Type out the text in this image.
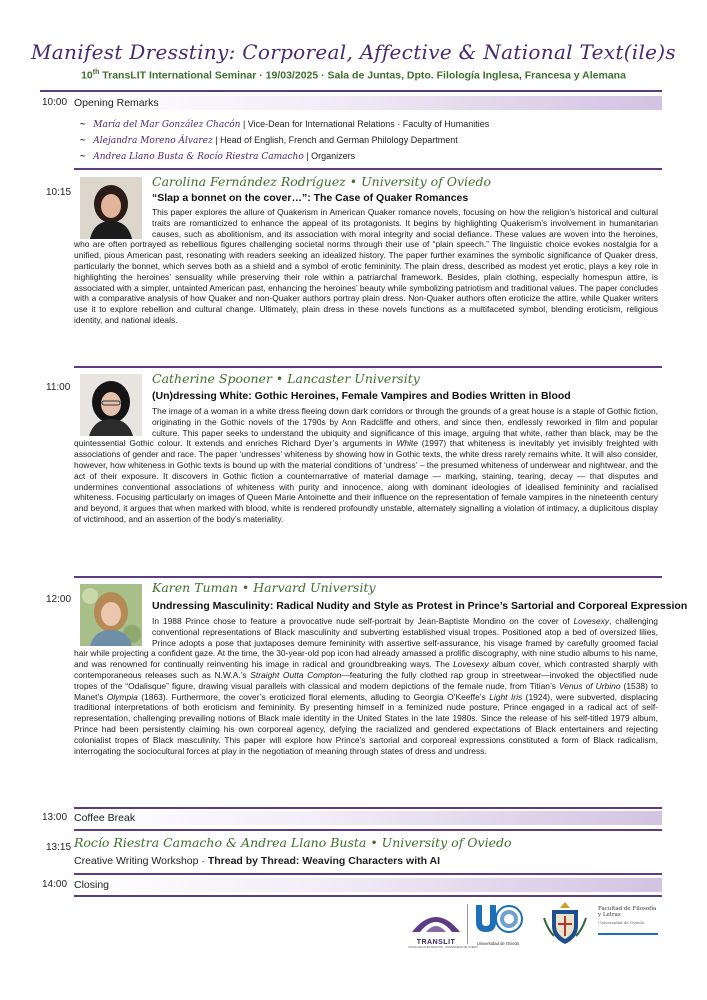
Manifest Dresstiny: Corporeal, Affective & National Text(ile)s
10th TransLIT International Seminar · 19/03/2025 · Sala de Juntas, Dpto. Filología Inglesa, Francesa y Alemana
10:00 Opening Remarks
~ María del Mar González Chacón | Vice-Dean for International Relations · Faculty of Humanities
~ Alejandra Moreno Álvarez | Head of English, French and German Philology Department
~ Andrea Llano Busta & Rocío Riestra Camacho | Organizers
10:15
Carolina Fernández Rodríguez • University of Oviedo
“Slap a bonnet on the cover…”: The Case of Quaker Romances
This paper explores the allure of Quakerism in American Quaker romance novels, focusing on how the religion’s historical and cultural traits are romanticized to enhance the appeal of its protagonists. It begins by highlighting Quakerism’s involvement in humanitarian causes, such as abolitionism, and its association with moral integrity and social defiance. These values are woven into the heroines, who are often portrayed as rebellious figures challenging societal norms through their use of “plain speech.” The linguistic choice evokes nostalgia for a unified, pious American past, resonating with readers seeking an idealized history. The paper further examines the symbolic significance of Quaker dress, particularly the bonnet, which serves both as a shield and a symbol of erotic femininity. The plain dress, described as modest yet erotic, plays a key role in highlighting the heroines’ sensuality while preserving their role within a patriarchal framework. Besides, plain clothing, especially homespun attire, is associated with a simpler, untainted American past, enhancing the heroines’ beauty while symbolizing patriotism and traditional values. The paper concludes with a comparative analysis of how Quaker and non-Quaker authors portray plain dress. Non-Quaker authors often eroticize the attire, while Quaker writers use it to explore rebellion and cultural change. Ultimately, plain dress in these novels functions as a multifaceted symbol, blending eroticism, religious identity, and national ideals.
11:00
Catherine Spooner • Lancaster University
(Un)dressing White: Gothic Heroines, Female Vampires and Bodies Written in Blood
The image of a woman in a white dress fleeing down dark corridors or through the grounds of a great house is a staple of Gothic fiction, originating in the Gothic novels of the 1790s by Ann Radcliffe and others, and since then, endlessly reworked in film and popular culture. This paper seeks to understand the ubiquity and significance of this image, arguing that white, rather than black, may be the quintessential Gothic colour. It extends and enriches Richard Dyer’s arguments in White (1997) that whiteness is inevitably yet invisibly freighted with associations of gender and race. The paper ‘undresses’ whiteness by showing how in Gothic texts, the white dress rarely remains white. It will also consider, however, how whiteness in Gothic texts is bound up with the material conditions of ‘undress’ – the presumed whiteness of underwear and nightwear, and the act of their exposure. It discovers in Gothic fiction a counternarrative of material damage — marking, staining, tearing, decay — that disputes and undermines conventional associations of whiteness with purity and innocence, along with dominant ideologies of idealised femininity and racialised whiteness. Focusing particularly on images of Queen Marie Antoinette and their influence on the representation of female vampires in the nineteenth century and beyond, it argues that when marked with blood, white is rendered profoundly unstable, alternately signalling a violation of intimacy, a duplicitous display of victimhood, and an assertion of the body’s materiality.
12:00
Karen Tuman • Harvard University
Undressing Masculinity: Radical Nudity and Style as Protest in Prince’s Sartorial and Corporeal Expression
In 1988 Prince chose to feature a provocative nude self-portrait by Jean-Baptiste Mondino on the cover of Lovesexy, challenging conventional representations of Black masculinity and subverting established visual tropes. Positioned atop a bed of oversized lilies, Prince adopts a pose that juxtaposes demure femininity with assertive self-assurance, his visage framed by carefully groomed facial hair while projecting a confident gaze. At the time, the 30-year-old pop icon had already amassed a prolific discography, with nine studio albums to his name, and was renowned for continually reinventing his image in radical and groundbreaking ways. The Lovesexy album cover, which contrasted sharply with contemporaneous releases such as N.W.A.’s Straight Outta Compton—featuring the fully clothed rap group in streetwear—invoked the objectified nude tropes of the “Odalisque” figure, drawing visual parallels with classical and modern depictions of the female nude, from Titian’s Venus of Urbino (1538) to Manet’s Olympia (1863). Furthermore, the cover’s eroticized floral elements, alluding to Georgia O’Keeffe’s Light Iris (1924), were subverted, displacing traditional interpretations of both eroticism and femininity. By presenting himself in a feminized nude posture, Prince engaged in a radical act of self-representation, challenging prevailing notions of Black male identity in the United States in the late 1980s. Since the release of his self-titled 1979 album, Prince had been persistently claiming his own corporeal agency, defying the racialized and gendered expectations of Black entertainers and rejecting colonialist tropes of Black masculinity. This paper will explore how Prince’s sartorial and corporeal expressions constituted a form of Black radicalism, interrogating the sociocultural forces at play in the negotiation of meaning through states of dress and undress.
13:00 Coffee Break
13:15 Rocío Riestra Camacho & Andrea Llano Busta • University of Oviedo
Creative Writing Workshop · Thread by Thread: Weaving Characters with AI
14:00 Closing
TRANSLIT
GRUPO DE INVESTIGACIÓN · UNIVERSIDAD DE OVIEDO
Universidad de Oviedo
Facultad de Filosofía
y Letras
Universidad de Oviedo
